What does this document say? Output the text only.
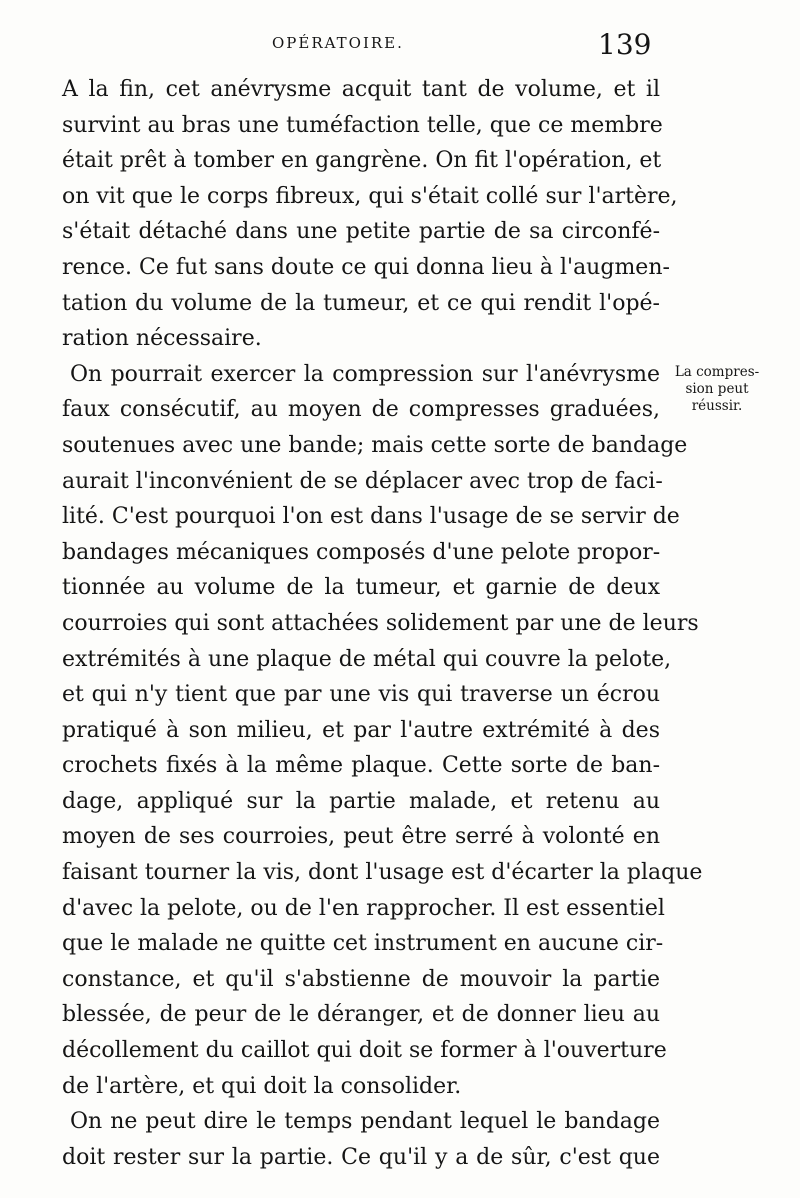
OPÉRATOIRE.	139
A la fin, cet anévrysme acquit tant de volume, et il
survint au bras une tuméfaction telle, que ce membre
était prêt à tomber en gangrène. On fit l'opération, et
on vit que le corps fibreux, qui s'était collé sur l'artère,
s'était détaché dans une petite partie de sa circonfé-
rence. Ce fut sans doute ce qui donna lieu à l'augmen-
tation du volume de la tumeur, et ce qui rendit l'opé-
ration nécessaire.
On pourrait exercer la compression sur l'anévrysme
faux consécutif, au moyen de compresses graduées,
soutenues avec une bande; mais cette sorte de bandage
aurait l'inconvénient de se déplacer avec trop de faci-
lité. C'est pourquoi l'on est dans l'usage de se servir de
bandages mécaniques composés d'une pelote propor-
tionnée au volume de la tumeur, et garnie de deux
courroies qui sont attachées solidement par une de leurs
extrémités à une plaque de métal qui couvre la pelote,
et qui n'y tient que par une vis qui traverse un écrou
pratiqué à son milieu, et par l'autre extrémité à des
crochets fixés à la même plaque. Cette sorte de ban-
dage, appliqué sur la partie malade, et retenu au
moyen de ses courroies, peut être serré à volonté en
faisant tourner la vis, dont l'usage est d'écarter la plaque
d'avec la pelote, ou de l'en rapprocher. Il est essentiel
que le malade ne quitte cet instrument en aucune cir-
constance, et qu'il s'abstienne de mouvoir la partie
blessée, de peur de le déranger, et de donner lieu au
décollement du caillot qui doit se former à l'ouverture
de l'artère, et qui doit la consolider.
On ne peut dire le temps pendant lequel le bandage
doit rester sur la partie. Ce qu'il y a de sûr, c'est que
La compres-
sion peut
réussir.
